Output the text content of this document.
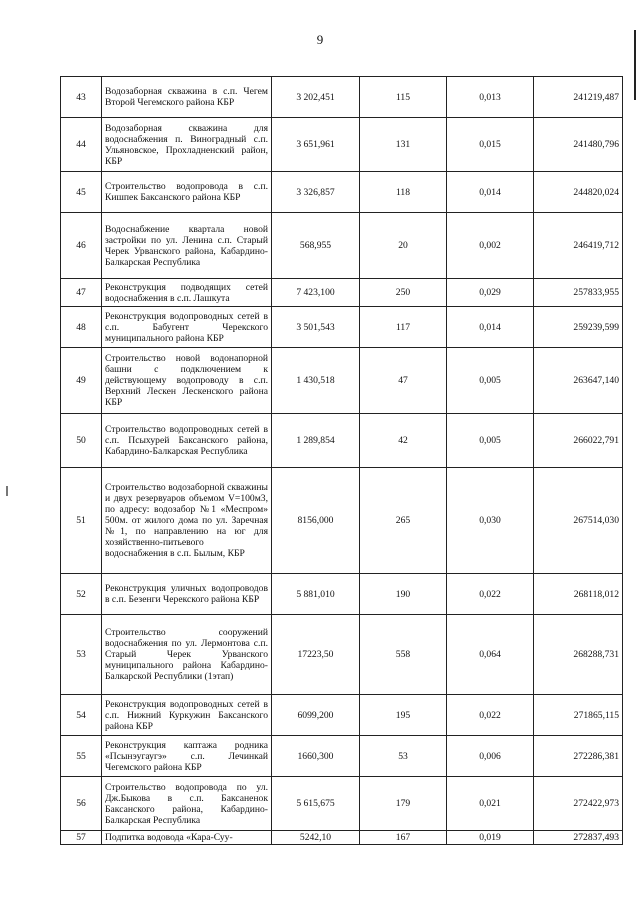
9
43	Водозаборная скважина в с.п. Чегем Второй Чегемского района КБР	3 202,451	115	0,013	241219,487
44	Водозаборная скважина для водоснабжения п. Виноградный с.п. Ульяновское, Прохладненский район, КБР	3 651,961	131	0,015	241480,796
45	Строительство водопровода в с.п. Кишпек Баксанского района КБР	3 326,857	118	0,014	244820,024
46	Водоснабжение квартала новой застройки по ул. Ленина с.п. Старый Черек Урванского района, Кабардино-Балкарская Республика	568,955	20	0,002	246419,712
47	Реконструкция подводящих сетей водоснабжения в с.п. Лашкута	7 423,100	250	0,029	257833,955
48	Реконструкция водопроводных сетей в с.п. Бабугент Черекского муниципального района КБР	3 501,543	117	0,014	259239,599
49	Строительство новой водонапорной башни с подключением к действующему водопроводу в с.п. Верхний Лескен Лескенского района КБР	1 430,518	47	0,005	263647,140
50	Строительство водопроводных сетей в с.п. Псыхурей Баксанского района, Кабардино-Балкарская Республика	1 289,854	42	0,005	266022,791
51	Строительство водозаборной скважины и двух резервуаров объемом V=100м3, по адресу: водозабор №1 «Меспром» 500м. от жилого дома по ул. Заречная №1, по направлению на юг для хозяйственно-питьевого водоснабжения в с.п. Былым, КБР	8156,000	265	0,030	267514,030
52	Реконструкция уличных водопроводов в с.п. Безенги Черекского района КБР	5 881,010	190	0,022	268118,012
53	Строительство сооружений водоснабжения по ул. Лермонтова с.п. Старый Черек Урванского муниципального района Кабардино-Балкарской Республики (1этап)	17223,50	558	0,064	268288,731
54	Реконструкция водопроводных сетей в с.п. Нижний Куркужин Баксанского района КБР	6099,200	195	0,022	271865,115
55	Реконструкция каптажа родника «Псынэугаугэ» с.п. Лечинкай Чегемского района КБР	1660,300	53	0,006	272286,381
56	Строительство водопровода по ул. Дж.Быкова в с.п. Баксаненок Баксанского района, Кабардино-Балкарская Республика	5 615,675	179	0,021	272422,973
57	Подпитка водовода «Кара-Суу-	5242,10	167	0,019	272837,493
